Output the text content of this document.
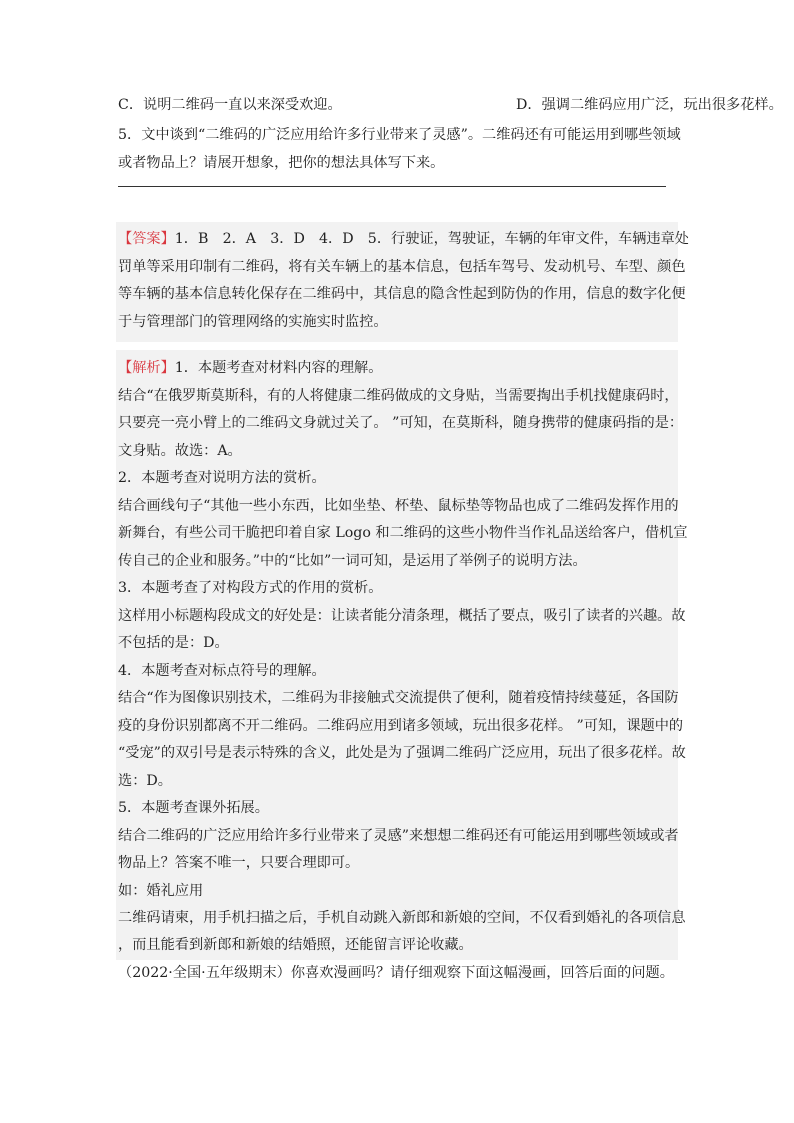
C．说明二维码一直以来深受欢迎。	D．强调二维码应用广泛，玩出很多花样。
5．文中谈到“二维码的广泛应用给许多行业带来了灵感”。二维码还有可能运用到哪些领域
或者物品上？请展开想象，把你的想法具体写下来。
【答案】1．B　2．A　3．D　4．D　5．行驶证，驾驶证，车辆的年审文件，车辆违章处
罚单等采用印制有二维码，将有关车辆上的基本信息，包括车驾号、发动机号、车型、颜色
等车辆的基本信息转化保存在二维码中，其信息的隐含性起到防伪的作用，信息的数字化便
于与管理部门的管理网络的实施实时监控。
【解析】1．本题考查对材料内容的理解。
结合“在俄罗斯莫斯科，有的人将健康二维码做成的文身贴，当需要掏出手机找健康码时，
只要亮一亮小臂上的二维码文身就过关了。 ”可知，在莫斯科，随身携带的健康码指的是：
文身贴。故选：A。
2．本题考查对说明方法的赏析。
结合画线句子“其他一些小东西，比如坐垫、杯垫、鼠标垫等物品也成了二维码发挥作用的
新舞台，有些公司干脆把印着自家 Logo 和二维码的这些小物件当作礼品送给客户，借机宣
传自己的企业和服务。”中的“比如”一词可知，是运用了举例子的说明方法。
3．本题考查了对构段方式的作用的赏析。
这样用小标题构段成文的好处是：让读者能分清条理，概括了要点，吸引了读者的兴趣。故
不包括的是：D。
4．本题考查对标点符号的理解。
结合“作为图像识别技术，二维码为非接触式交流提供了便利，随着疫情持续蔓延，各国防
疫的身份识别都离不开二维码。二维码应用到诸多领域，玩出很多花样。 ”可知，课题中的
“受宠”的双引号是表示特殊的含义，此处是为了强调二维码广泛应用，玩出了很多花样。故
选：D。
5．本题考查课外拓展。
结合二维码的广泛应用给许多行业带来了灵感”来想想二维码还有可能运用到哪些领域或者
物品上？答案不唯一，只要合理即可。
如：婚礼应用
二维码请柬，用手机扫描之后，手机自动跳入新郎和新娘的空间，不仅看到婚礼的各项信息
，而且能看到新郎和新娘的结婚照，还能留言评论收藏。
（2022·全国·五年级期末）你喜欢漫画吗？请仔细观察下面这幅漫画，回答后面的问题。
